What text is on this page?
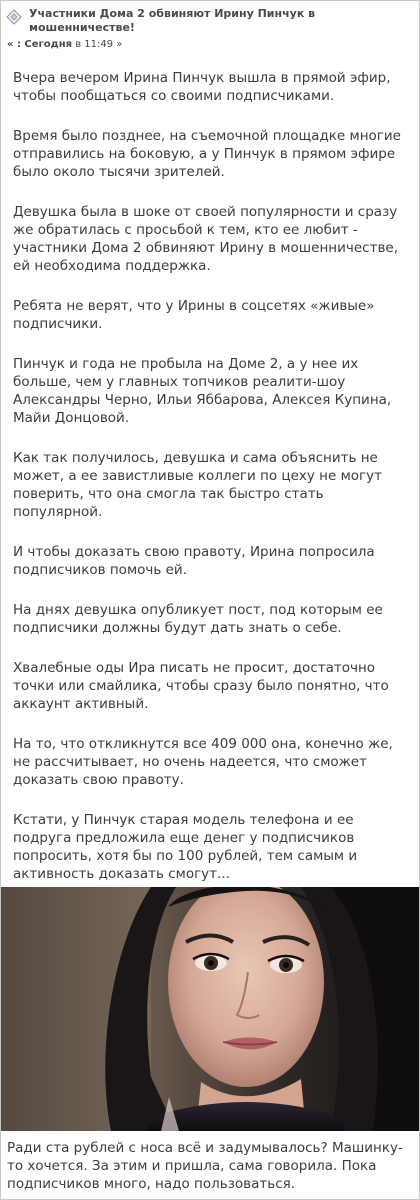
Участники Дома 2 обвиняют Ирину Пинчук в мошенничестве!
« : Сегодня в 11:49 »

Вчера вечером Ирина Пинчук вышла в прямой эфир, чтобы пообщаться со своими подписчиками.

Время было позднее, на съемочной площадке многие отправились на боковую, а у Пинчук в прямом эфире было около тысячи зрителей.

Девушка была в шоке от своей популярности и сразу же обратилась с просьбой к тем, кто ее любит - участники Дома 2 обвиняют Ирину в мошенничестве, ей необходима поддержка.

Ребята не верят, что у Ирины в соцсетях «живые» подписчики.

Пинчук и года не пробыла на Доме 2, а у нее их больше, чем у главных топчиков реалити-шоу Александры Черно, Ильи Яббарова, Алексея Купина, Майи Донцовой.

Как так получилось, девушка и сама объяснить не может, а ее завистливые коллеги по цеху не могут поверить, что она смогла так быстро стать популярной.

И чтобы доказать свою правоту, Ирина попросила подписчиков помочь ей.

На днях девушка опубликует пост, под которым ее подписчики должны будут дать знать о себе.

Хвалебные оды Ира писать не просит, достаточно точки или смайлика, чтобы сразу было понятно, что аккаунт активный.

На то, что откликнутся все 409 000 она, конечно же, не рассчитывает, но очень надеется, что сможет доказать свою правоту.

Кстати, у Пинчук старая модель телефона и ее подруга предложила еще денег у подписчиков попросить, хотя бы по 100 рублей, тем самым и активность доказать смогут...

Ради ста рублей с носа всё и задумывалось? Машинку-то хочется. За этим и пришла, сама говорила. Пока подписчиков много, надо пользоваться.
